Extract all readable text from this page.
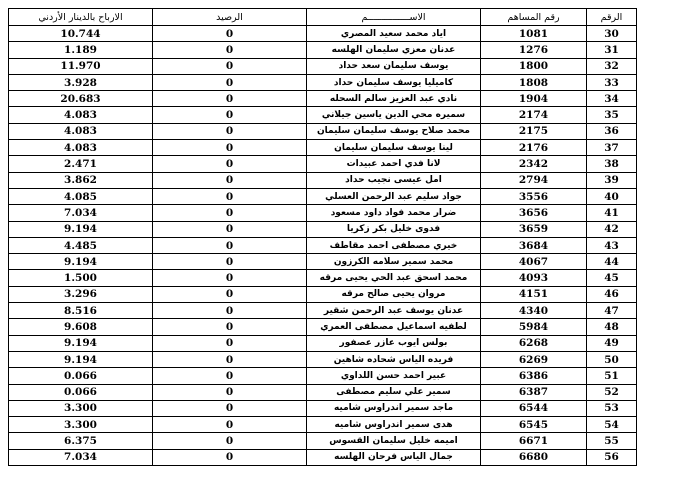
الارباح بالدينار الأردني	الرصيد	الاســـــــــــــــم	رقم المساهم	الرقم
10.744	0	اياد محمد سعيد المصري	1081	30
1.189	0	عدنان معزي سليمان الهلسه	1276	31
11.970	0	يوسف سليمان سعد حداد	1800	32
3.928	0	كاميليا يوسف سليمان حداد	1808	33
20.683	0	نادي عبد العزيز سالم السحله	1904	34
4.083	0	سميره محي الدين ياسين جيلاني	2174	35
4.083	0	محمد صلاح يوسف سليمان سليمان	2175	36
4.083	0	لينا يوسف سليمان سليمان	2176	37
2.471	0	لانا فدي احمد عبيدات	2342	38
3.862	0	امل عيسى نجيب حداد	2794	39
4.085	0	جواد سليم عبد الرحمن العسلي	3556	40
7.034	0	ضرار محمد فواد داود مسعود	3656	41
9.194	0	فدوى خليل بكر زكريا	3659	42
4.485	0	خيري مصطفى احمد مقاطف	3684	43
9.194	0	محمد سمير سلامه الكرزون	4067	44
1.500	0	محمد اسحق عبد الحي يحيى مرقه	4093	45
3.296	0	مروان يحيى صالح مرقه	4151	46
8.516	0	عدنان يوسف عبد الرحمن شقير	4340	47
9.608	0	لطفيه اسماعيل مصطفى العمري	5984	48
9.194	0	بولس ايوب عازر عصفور	6268	49
9.194	0	فريده الياس شحاده شاهين	6269	50
0.066	0	عبير احمد حسن اللداوي	6386	51
0.066	0	سمير علي سليم مصطفى	6387	52
3.300	0	ماجد سمير اندراوس شاميه	6544	53
3.300	0	هدى سمير اندراوس شاميه	6545	54
6.375	0	اميمه خليل سليمان القسوس	6671	55
7.034	0	جمال الياس فرحان الهلسه	6680	56
